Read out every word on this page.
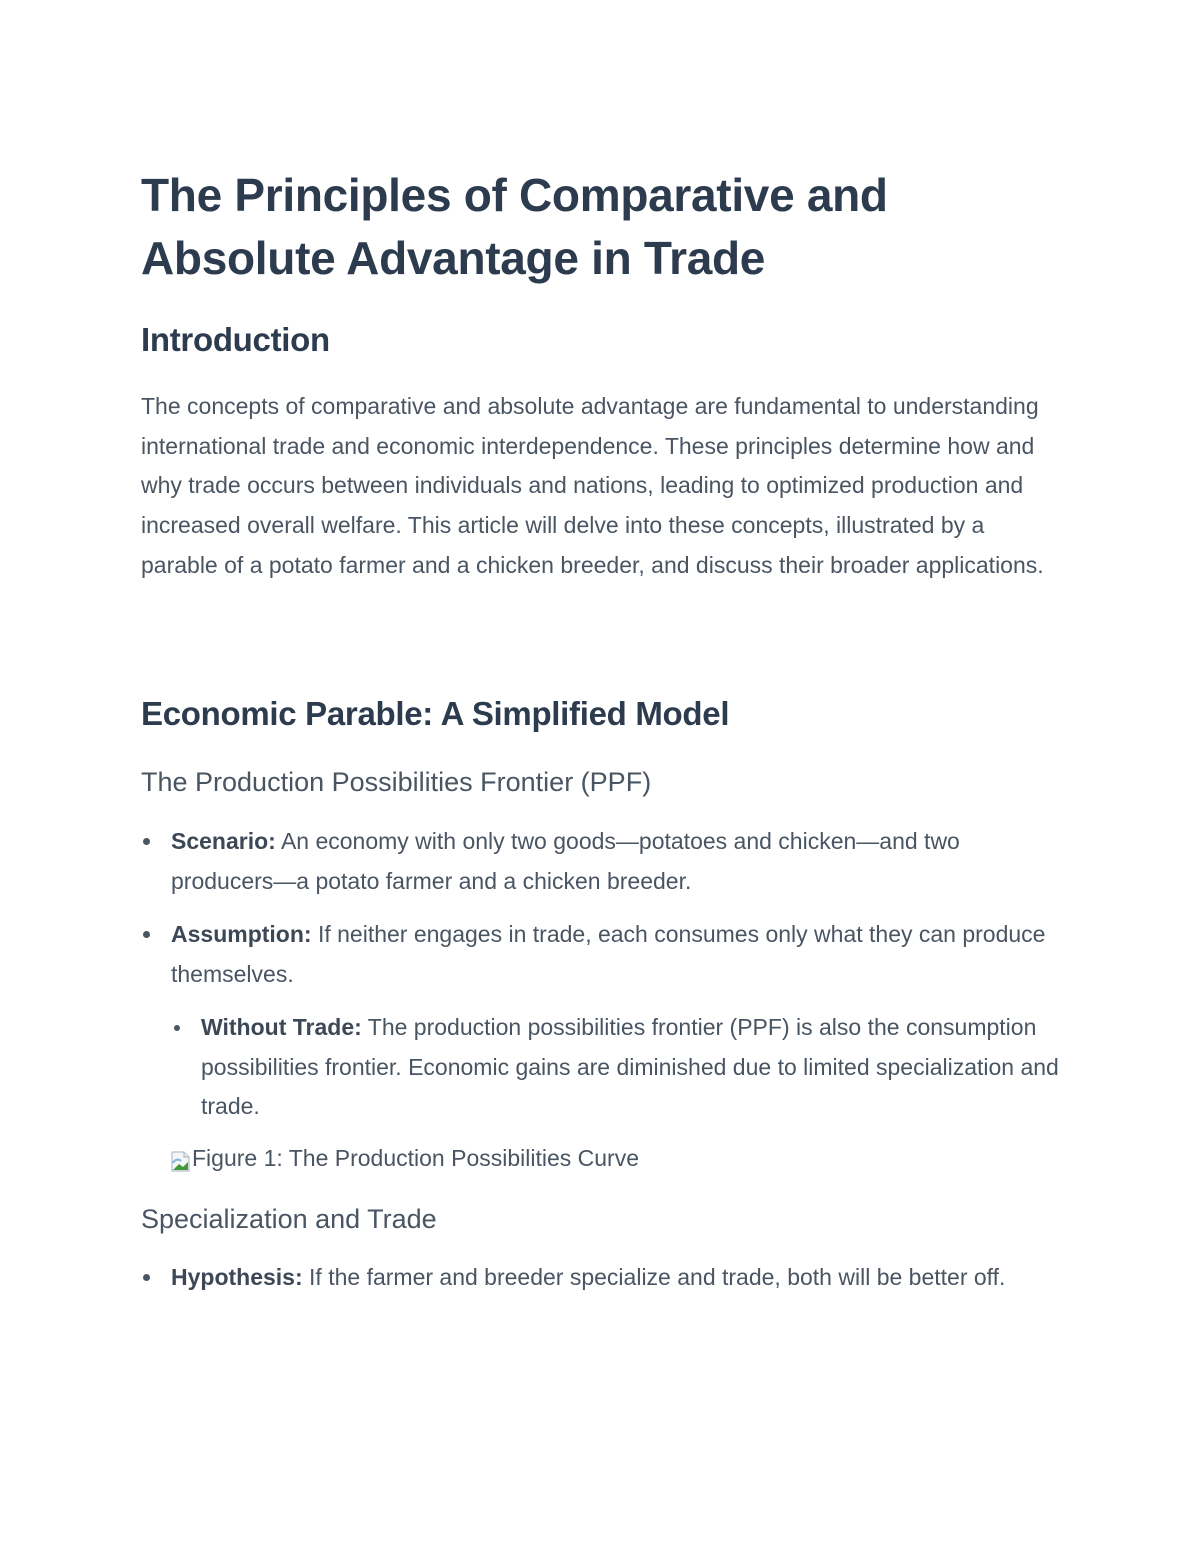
The Principles of Comparative and Absolute Advantage in Trade
Introduction

The concepts of comparative and absolute advantage are fundamental to understanding international trade and economic interdependence. These principles determine how and why trade occurs between individuals and nations, leading to optimized production and increased overall welfare. This article will delve into these concepts, illustrated by a parable of a potato farmer and a chicken breeder, and discuss their broader applications.

Economic Parable: A Simplified Model
The Production Possibilities Frontier (PPF)
Scenario: An economy with only two goods—potatoes and chicken—and two producers—a potato farmer and a chicken breeder.
Assumption: If neither engages in trade, each consumes only what they can produce themselves.
Without Trade: The production possibilities frontier (PPF) is also the consumption possibilities frontier. Economic gains are diminished due to limited specialization and trade.
Figure 1: The Production Possibilities Curve
Specialization and Trade
Hypothesis: If the farmer and breeder specialize and trade, both will be better off.
